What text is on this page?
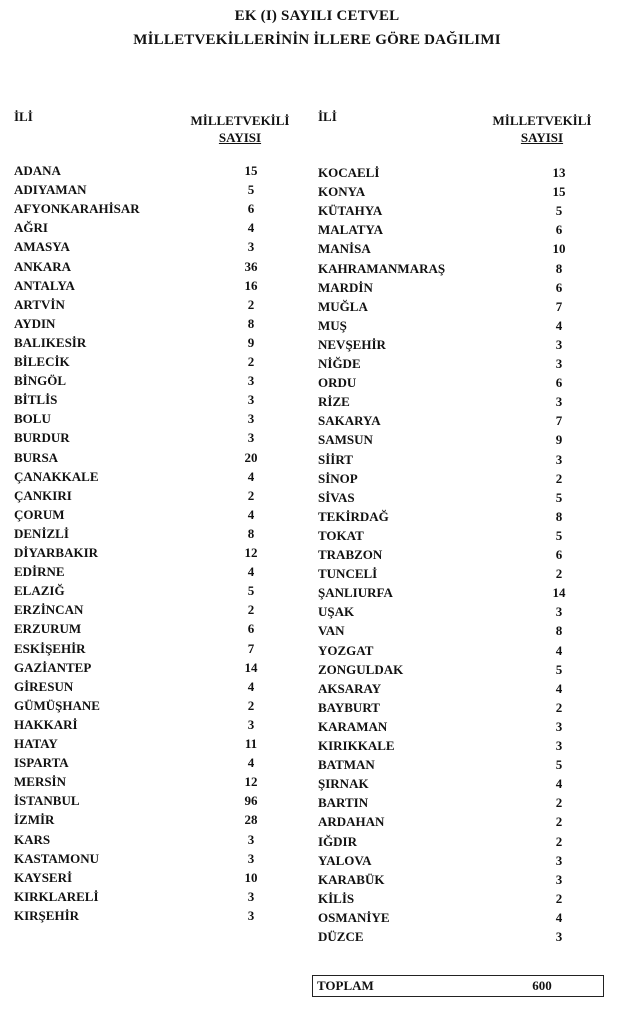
EK (I) SAYILI CETVEL
MİLLETVEKİLLERİNİN İLLERE GÖRE DAĞILIMI
İLİ	MİLLETVEKİLİ
SAYISI
İLİ	MİLLETVEKİLİ
SAYISI
ADANA	15
ADIYAMAN	5
AFYONKARAHİSAR	6
AĞRI	4
AMASYA	3
ANKARA	36
ANTALYA	16
ARTVİN	2
AYDIN	8
BALIKESİR	9
BİLECİK	2
BİNGÖL	3
BİTLİS	3
BOLU	3
BURDUR	3
BURSA	20
ÇANAKKALE	4
ÇANKIRI	2
ÇORUM	4
DENİZLİ	8
DİYARBAKIR	12
EDİRNE	4
ELAZIĞ	5
ERZİNCAN	2
ERZURUM	6
ESKİŞEHİR	7
GAZİANTEP	14
GİRESUN	4
GÜMÜŞHANE	2
HAKKARİ	3
HATAY	11
ISPARTA	4
MERSİN	12
İSTANBUL	96
İZMİR	28
KARS	3
KASTAMONU	3
KAYSERİ	10
KIRKLARELİ	3
KIRŞEHİR	3
KOCAELİ	13
KONYA	15
KÜTAHYA	5
MALATYA	6
MANİSA	10
KAHRAMANMARAŞ	8
MARDİN	6
MUĞLA	7
MUŞ	4
NEVŞEHİR	3
NİĞDE	3
ORDU	6
RİZE	3
SAKARYA	7
SAMSUN	9
SİİRT	3
SİNOP	2
SİVAS	5
TEKİRDAĞ	8
TOKAT	5
TRABZON	6
TUNCELİ	2
ŞANLIURFA	14
UŞAK	3
VAN	8
YOZGAT	4
ZONGULDAK	5
AKSARAY	4
BAYBURT	2
KARAMAN	3
KIRIKKALE	3
BATMAN	5
ŞIRNAK	4
BARTIN	2
ARDAHAN	2
IĞDIR	2
YALOVA	3
KARABÜK	3
KİLİS	2
OSMANİYE	4
DÜZCE	3
TOPLAM	600
